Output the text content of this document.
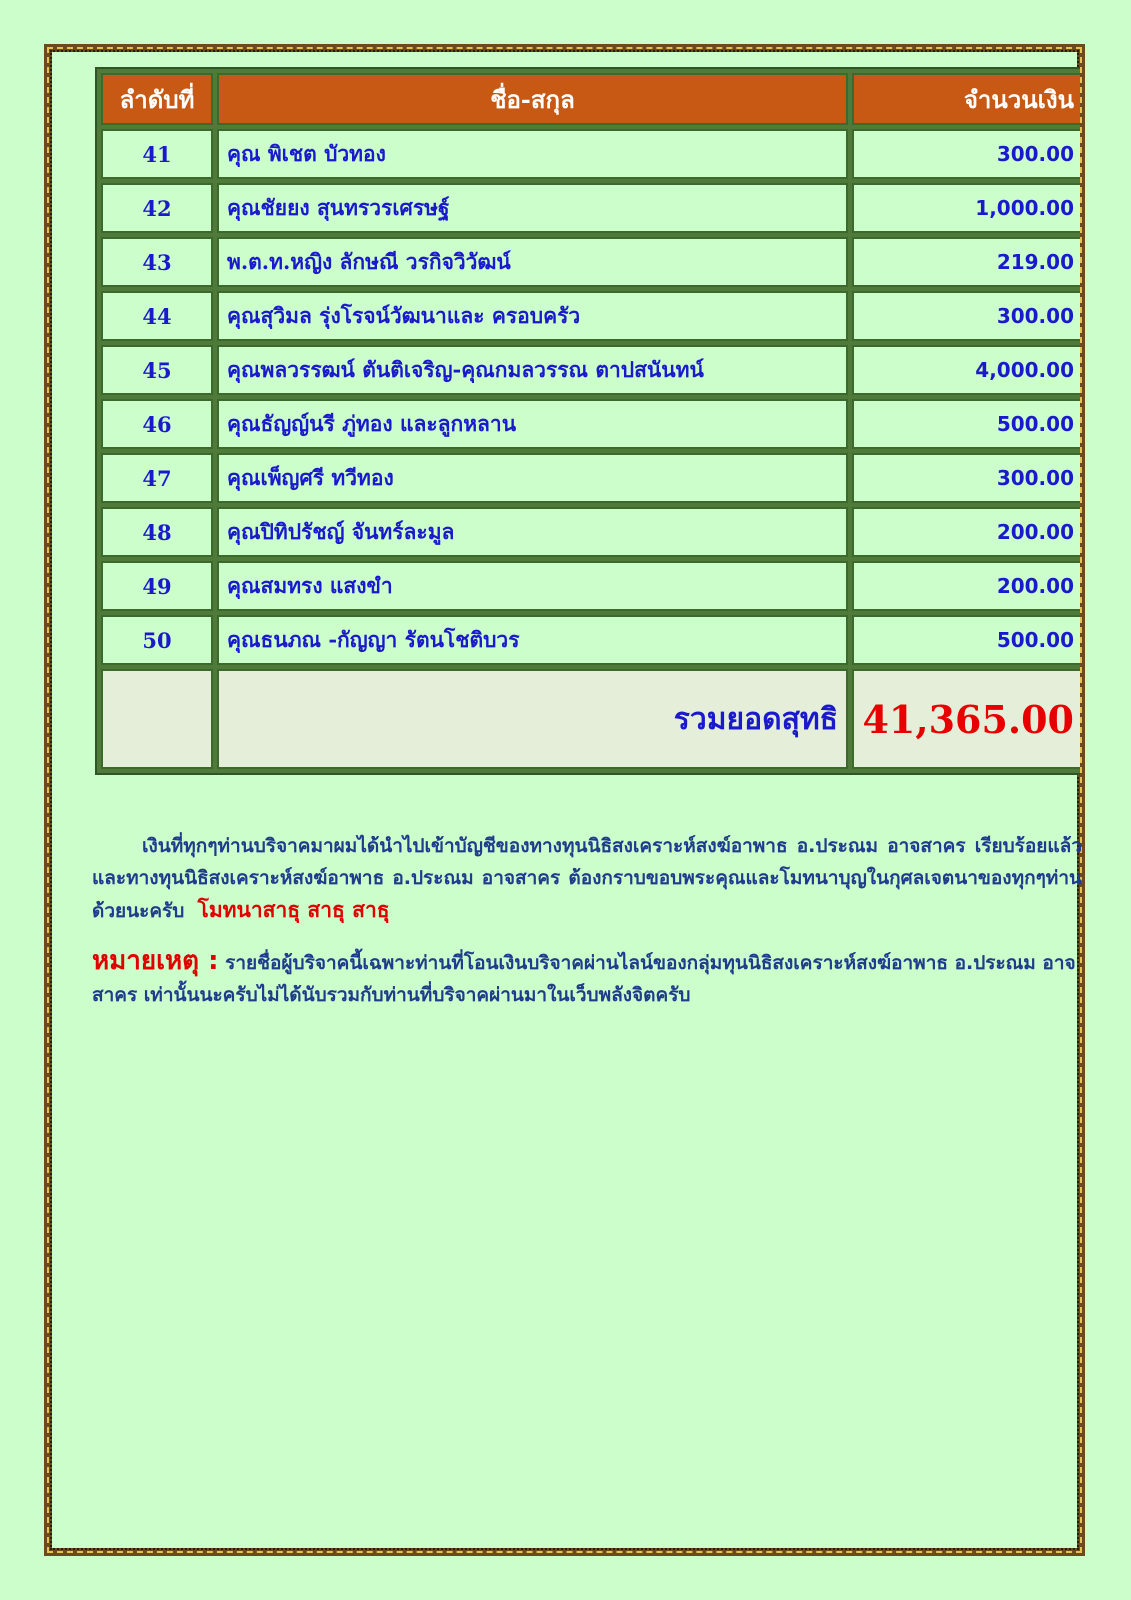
ลำดับที่	ชื่อ-สกุล	จำนวนเงิน
41	คุณ พิเชต บัวทอง	300.00
42	คุณชัยยง สุนทรวรเศรษฐ์	1,000.00
43	พ.ต.ท.หญิง ลักษณี วรกิจวิวัฒน์	219.00
44	คุณสุวิมล รุ่งโรจน์วัฒนาและ ครอบครัว	300.00
45	คุณพลวรรฒน์ ตันติเจริญ-คุณกมลวรรณ ตาปสนันทน์	4,000.00
46	คุณธัญญ์นรี ภู่ทอง และลูกหลาน	500.00
47	คุณเพ็ญศรี ทวีทอง	300.00
48	คุณปิทิปรัชญ์ จันทร์ละมูล	200.00
49	คุณสมทรง แสงขำ	200.00
50	คุณธนภณ -กัญญา รัตนโชติบวร	500.00
	รวมยอดสุทธิ	41,365.00
เงินที่ทุกๆท่านบริจาคมาผมได้นำไปเข้าบัญชีของทางทุนนิธิสงเคราะห์สงฆ์อาพาธ อ.ประณม อาจสาคร เรียบร้อยแล้ว และทางทุนนิธิสงเคราะห์สงฆ์อาพาธ อ.ประณม อาจสาคร ต้องกราบขอบพระคุณและโมทนาบุญในกุศลเจตนาของทุกๆท่านด้วยนะครับ โมทนาสาธุ สาธุ สาธุ
หมายเหตุ : รายชื่อผู้บริจาคนี้เฉพาะท่านที่โอนเงินบริจาคผ่านไลน์ของกลุ่มทุนนิธิสงเคราะห์สงฆ์อาพาธ อ.ประณม อาจสาคร เท่านั้นนะครับไม่ได้นับรวมกับท่านที่บริจาคผ่านมาในเว็บพลังจิตครับ
